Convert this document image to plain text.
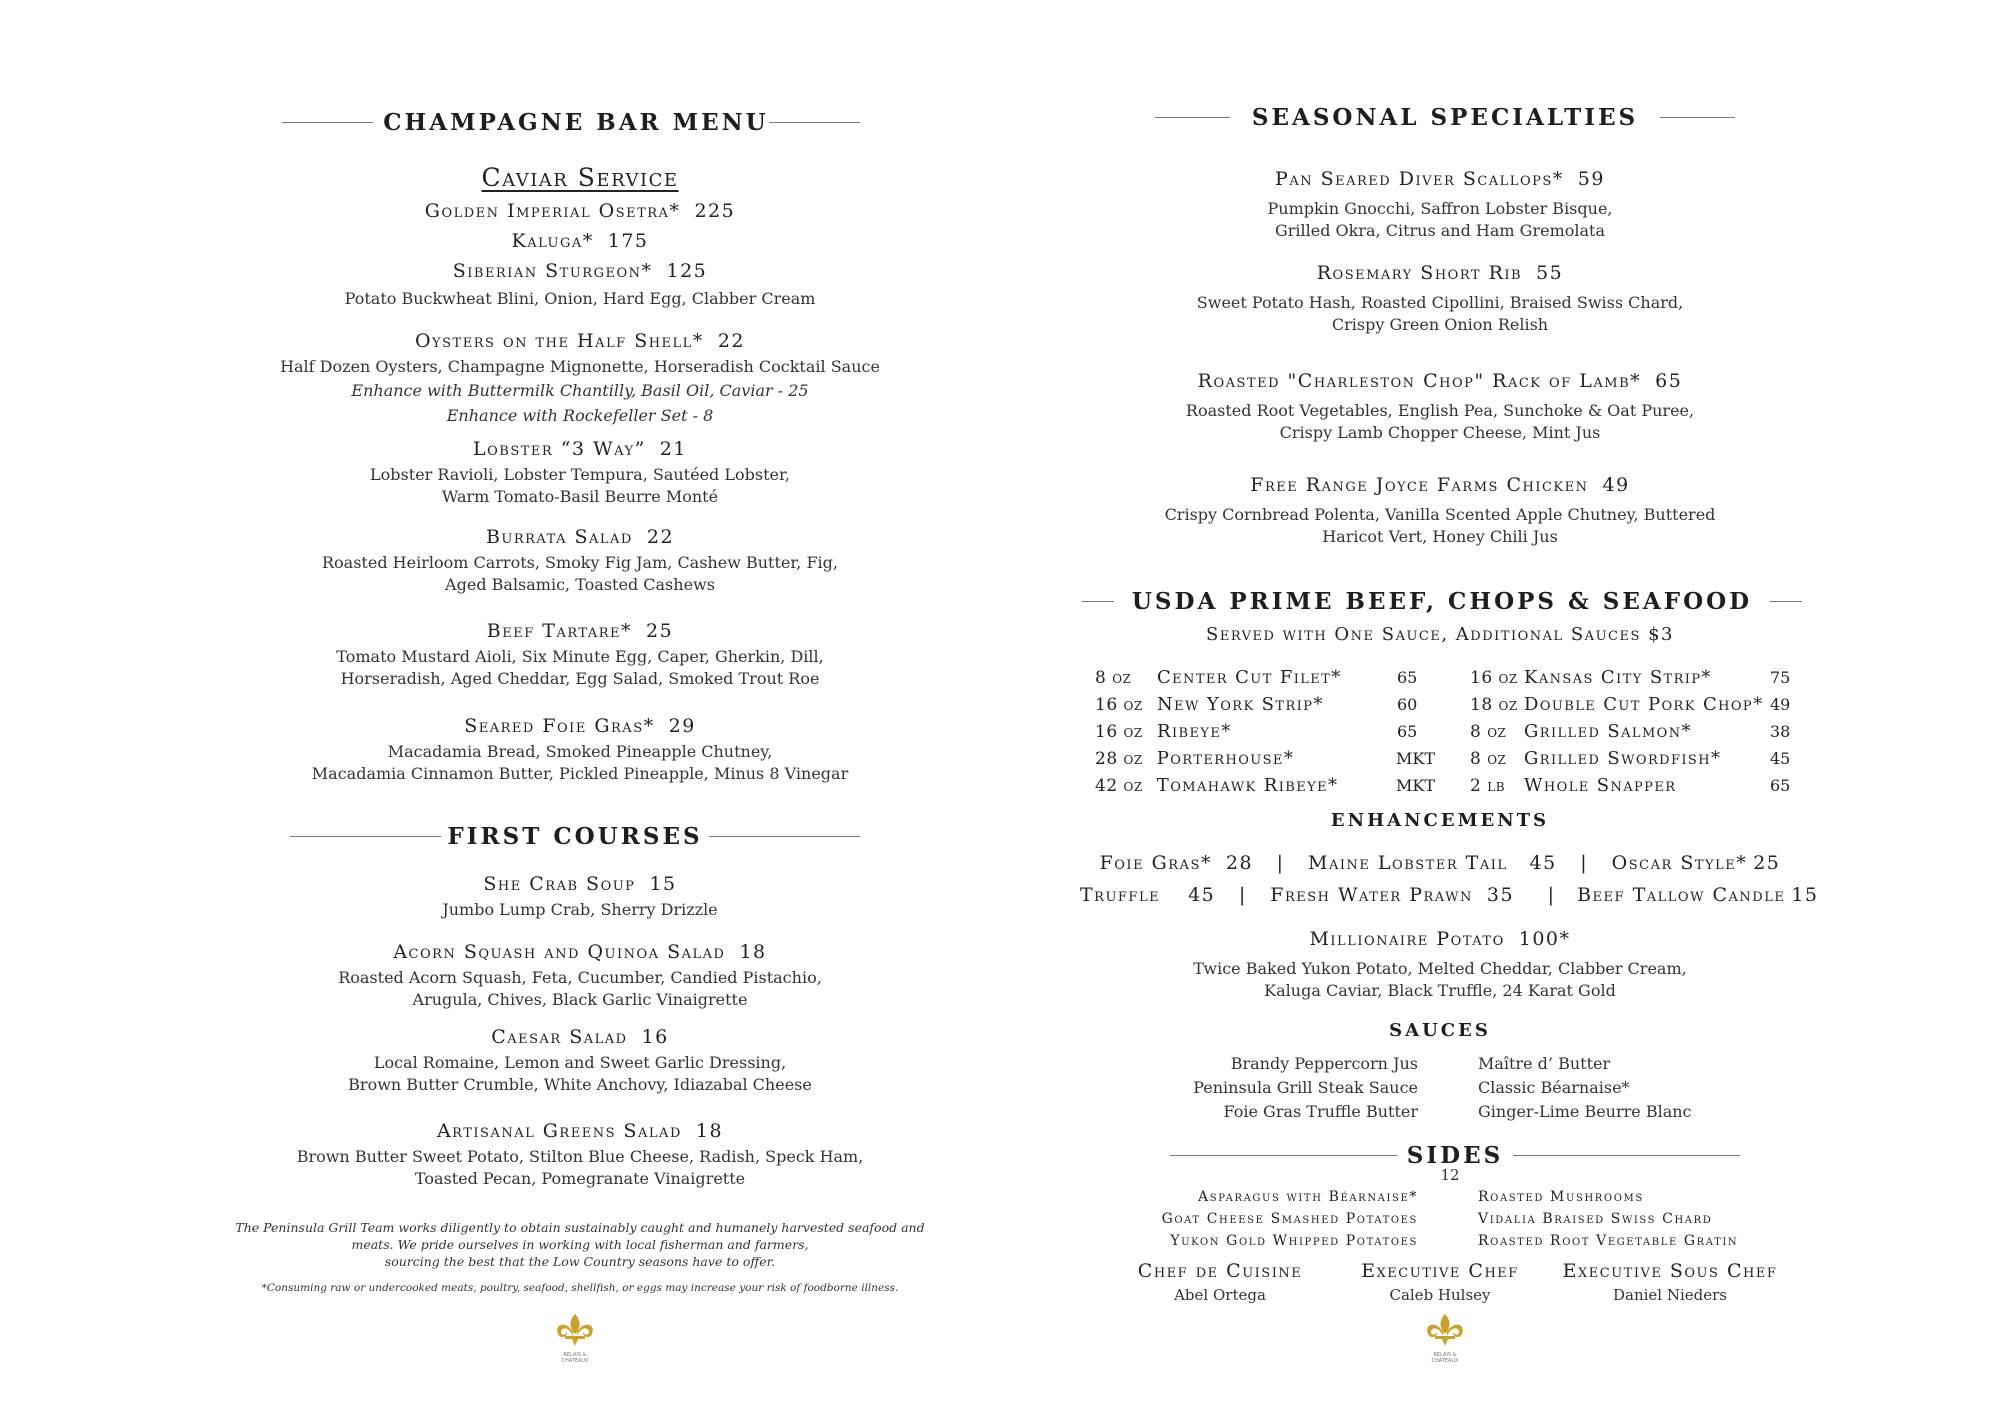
CHAMPAGNE BAR MENU
Caviar Service
Golden Imperial Osetra* 225
Kaluga* 175
Siberian Sturgeon* 125
Potato Buckwheat Blini, Onion, Hard Egg, Clabber Cream
Oysters on the Half Shell* 22
Half Dozen Oysters, Champagne Mignonette, Horseradish Cocktail Sauce
Enhance with Buttermilk Chantilly, Basil Oil, Caviar - 25
Enhance with Rockefeller Set - 8
Lobster “3 Way” 21
Lobster Ravioli, Lobster Tempura, Sautéed Lobster,
Warm Tomato-Basil Beurre Monté
Burrata Salad 22
Roasted Heirloom Carrots, Smoky Fig Jam, Cashew Butter, Fig,
Aged Balsamic, Toasted Cashews
Beef Tartare* 25
Tomato Mustard Aioli, Six Minute Egg, Caper, Gherkin, Dill,
Horseradish, Aged Cheddar, Egg Salad, Smoked Trout Roe
Seared Foie Gras* 29
Macadamia Bread, Smoked Pineapple Chutney,
Macadamia Cinnamon Butter, Pickled Pineapple, Minus 8 Vinegar
FIRST COURSES
She Crab Soup 15
Jumbo Lump Crab, Sherry Drizzle
Acorn Squash and Quinoa Salad 18
Roasted Acorn Squash, Feta, Cucumber, Candied Pistachio,
Arugula, Chives, Black Garlic Vinaigrette
Caesar Salad 16
Local Romaine, Lemon and Sweet Garlic Dressing,
Brown Butter Crumble, White Anchovy, Idiazabal Cheese
Artisanal Greens Salad 18
Brown Butter Sweet Potato, Stilton Blue Cheese, Radish, Speck Ham,
Toasted Pecan, Pomegranate Vinaigrette
The Peninsula Grill Team works diligently to obtain sustainably caught and humanely harvested seafood and
meats. We pride ourselves in working with local fisherman and farmers,
sourcing the best that the Low Country seasons have to offer.
*Consuming raw or undercooked meats, poultry, seafood, shellfish, or eggs may increase your risk of foodborne illness.
RELAIS &
CHATEAUX
SEASONAL SPECIALTIES
Pan Seared Diver Scallops* 59
Pumpkin Gnocchi, Saffron Lobster Bisque,
Grilled Okra, Citrus and Ham Gremolata
Rosemary Short Rib 55
Sweet Potato Hash, Roasted Cipollini, Braised Swiss Chard,
Crispy Green Onion Relish
Roasted "Charleston Chop" Rack of Lamb* 65
Roasted Root Vegetables, English Pea, Sunchoke & Oat Puree,
Crispy Lamb Chopper Cheese, Mint Jus
Free Range Joyce Farms Chicken 49
Crispy Cornbread Polenta, Vanilla Scented Apple Chutney, Buttered
Haricot Vert, Honey Chili Jus
USDA PRIME BEEF, CHOPS & SEAFOOD
Served with One Sauce, Additional Sauces $3
8 oz	Center Cut Filet*	65
16 oz New York Strip*	60
16 oz Ribeye*	65
28 oz Porterhouse*	MKT
42 oz Tomahawk Ribeye*	MKT
16 oz Kansas City Strip*	75
18 oz Double Cut Pork Chop* 49
8 oz Grilled Salmon*	38
8 oz Grilled Swordfish*	45
2 lb	Whole Snapper	65
ENHANCEMENTS
Foie Gras* 28 | Maine Lobster Tail 45 | Oscar Style* 25
Truffle 45 | Fresh Water Prawn 35 | Beef Tallow Candle 15
Millionaire Potato 100*
Twice Baked Yukon Potato, Melted Cheddar, Clabber Cream,
Kaluga Caviar, Black Truffle, 24 Karat Gold
SAUCES
Brandy Peppercorn Jus
Peninsula Grill Steak Sauce
Foie Gras Truffle Butter
Maître d’ Butter
Classic Béarnaise*
Ginger-Lime Beurre Blanc
SIDES
12
Asparagus with Béarnaise*
Goat Cheese Smashed Potatoes
Yukon Gold Whipped Potatoes
Roasted Mushrooms
Vidalia Braised Swiss Chard
Roasted Root Vegetable Gratin
Chef de Cuisine
Abel Ortega
Executive Chef
Caleb Hulsey
Executive Sous Chef
Daniel Nieders
RELAIS &
CHATEAUX
